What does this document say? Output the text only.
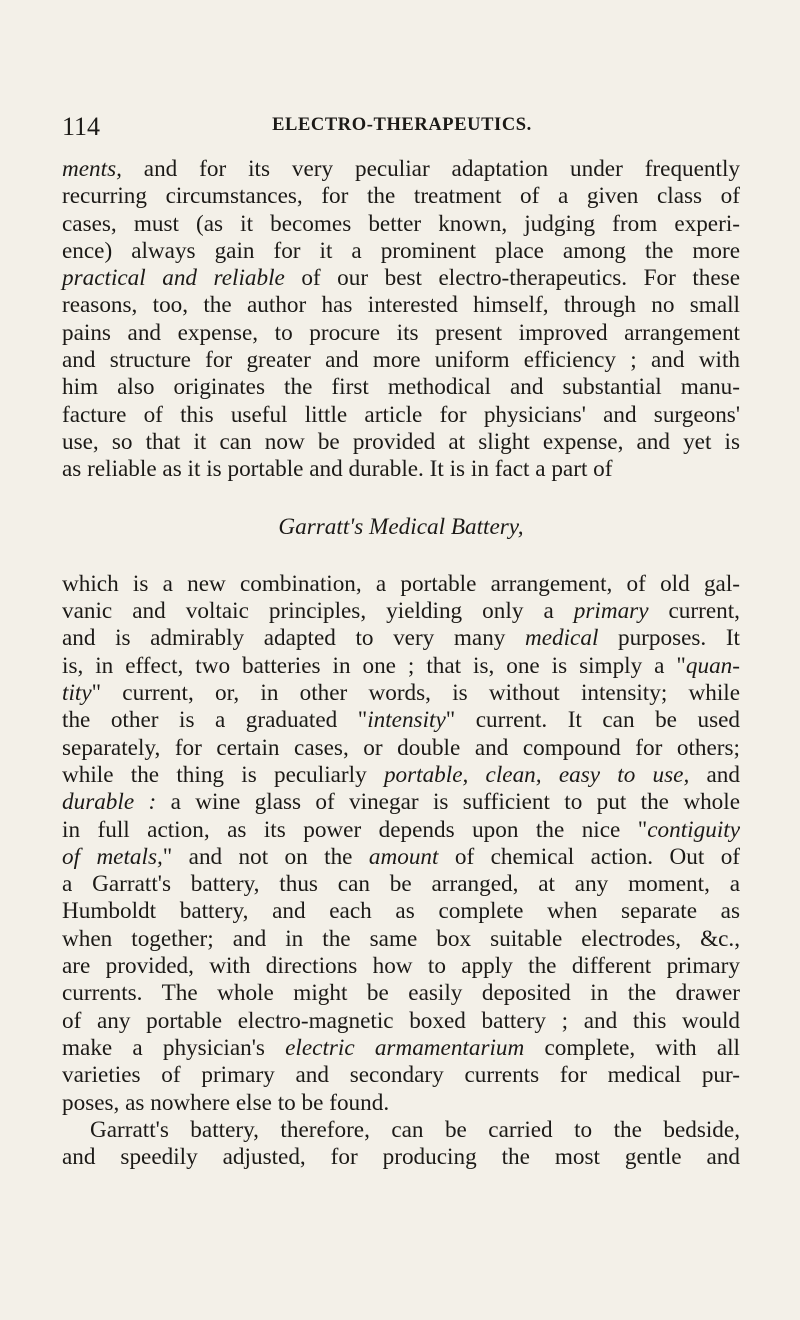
114	ELECTRO-THERAPEUTICS.
ments, and for its very peculiar adaptation under frequently
recurring circumstances, for the treatment of a given class of
cases, must (as it becomes better known, judging from experi-
ence) always gain for it a prominent place among the more
practical and reliable of our best electro-therapeutics. For these
reasons, too, the author has interested himself, through no small
pains and expense, to procure its present improved arrangement
and structure for greater and more uniform efficiency ; and with
him also originates the first methodical and substantial manu-
facture of this useful little article for physicians' and surgeons'
use, so that it can now be provided at slight expense, and yet is
as reliable as it is portable and durable. It is in fact a part of
Garratt's Medical Battery,
which is a new combination, a portable arrangement, of old gal-
vanic and voltaic principles, yielding only a primary current,
and is admirably adapted to very many medical purposes. It
is, in effect, two batteries in one ; that is, one is simply a "quan-
tity" current, or, in other words, is without intensity; while
the other is a graduated "intensity" current. It can be used
separately, for certain cases, or double and compound for others;
while the thing is peculiarly portable, clean, easy to use, and
durable : a wine glass of vinegar is sufficient to put the whole
in full action, as its power depends upon the nice "contiguity
of metals," and not on the amount of chemical action. Out of
a Garratt's battery, thus can be arranged, at any moment, a
Humboldt battery, and each as complete when separate as
when together; and in the same box suitable electrodes, &c.,
are provided, with directions how to apply the different primary
currents. The whole might be easily deposited in the drawer
of any portable electro-magnetic boxed battery ; and this would
make a physician's electric armamentarium complete, with all
varieties of primary and secondary currents for medical pur-
poses, as nowhere else to be found.
Garratt's battery, therefore, can be carried to the bedside,
and speedily adjusted, for producing the most gentle and
